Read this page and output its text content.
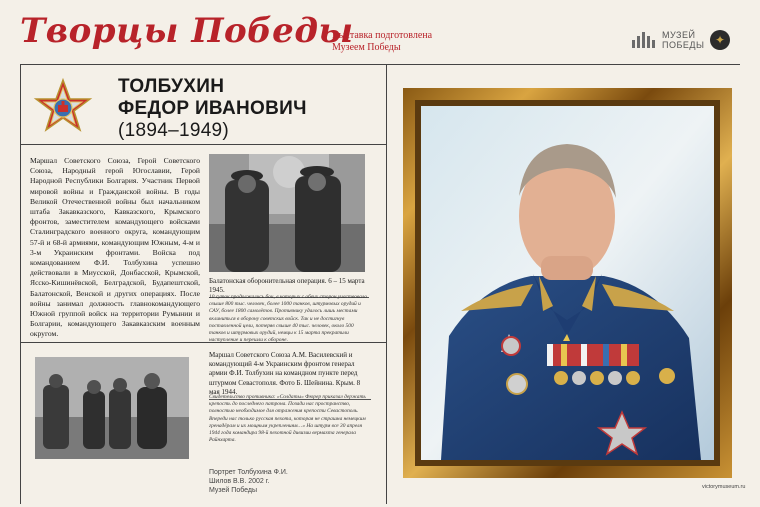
Творцы Победы
Выставка подготовлена
Музеем Победы
МУЗЕЙ
ПОБЕДЫ ✦
ТОЛБУХИН
ФЕДОР ИВАНОВИЧ
(1894–1949)
Маршал Советского Союза, Герой Советского Союза, Народный герой Югославии, Герой Народной Республики Болгария. Участник Первой мировой войны и Гражданской войны. В годы Великой Отечественной войны был начальником штаба Закавказского, Кавказского, Крымского фронтов, заместителем командующего войсками Сталинградского военного округа, командующим 57-й и 68-й армиями, командующим Южным, 4-м и 3-м Украинским фронтами. Войска под командованием Ф.И. Толбухина успешно действовали в Миусской, Донбасской, Крымской, Ясско-Кишинёвской, Белградской, Будапештской, Балатонской, Венской и других операциях. После войны занимал должность главнокомандующего Южной группой войск на территории Румынии и Болгарии, командующего Закавказским военным округом.
Балатонская оборонительная операция. 6 – 15 марта 1945.
10 суток продолжались бои, в которых с обеих сторон участвовало свыше 800 тыс. человек, более 1000 танков, штурмовых орудий и САУ, более 1800 самолётов. Противнику удалось лишь местами вклиниться в оборону советских войск. Так и не достигнув поставленной цели, потеряв свыше 40 тыс. человек, около 500 танков и штурмовых орудий, немцы к 15 марта прекратили наступление и перешли к обороне.
Маршал Советского Союза А.М. Василевский и командующий 4-м Украинским фронтом генерал армии Ф.И. Толбухин на командном пункте перед штурмом Севастополя. Фото Б. Шейнина. Крым. 8 мая 1944.
Свидетельство противника: «Солдаты» Фюрер приказал держать крепость до последнего патрона. Позади нас пространство, полностью необходимое для отражения крепости Севастополь. Впереди нас только русская пехота, которая не страшна немецким гренадёрам и их мощным укреплениям…» На штурм все 30 апреля 1944 года командира 98-й пехотной дивизии вермахта генерала Райнхарта.
Портрет Толбухина Ф.И.
Шилов В.В. 2002 г.
Музей Победы	victorymuseum.ru
